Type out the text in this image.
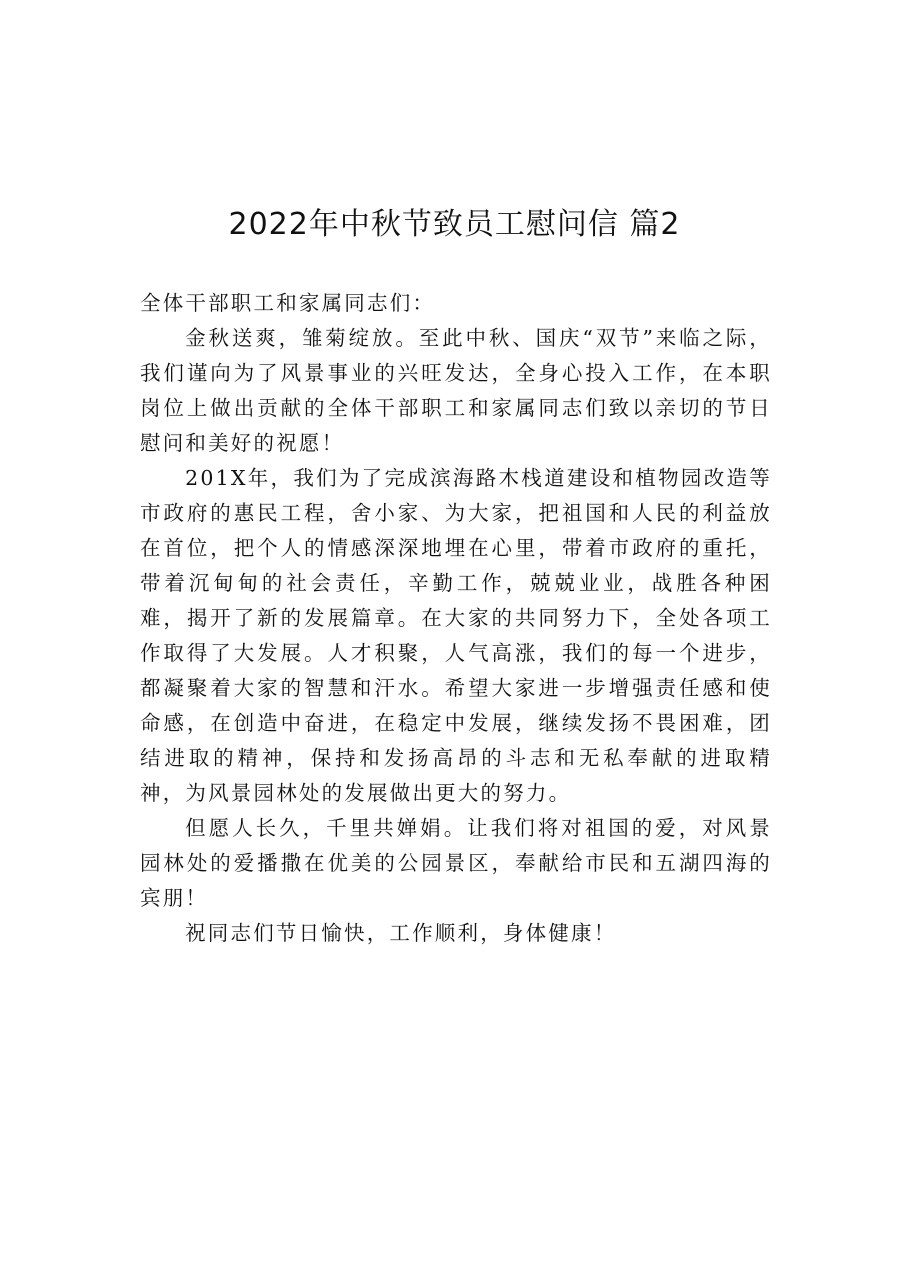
2022年中秋节致员工慰问信 篇2

全体干部职工和家属同志们：

金秋送爽，雏菊绽放。至此中秋、国庆“双节”来临之际，我们谨向为了风景事业的兴旺发达，全身心投入工作，在本职岗位上做出贡献的全体干部职工和家属同志们致以亲切的节日慰问和美好的祝愿！

201X年，我们为了完成滨海路木栈道建设和植物园改造等市政府的惠民工程，舍小家、为大家，把祖国和人民的利益放在首位，把个人的情感深深地埋在心里，带着市政府的重托，带着沉甸甸的社会责任，辛勤工作，兢兢业业，战胜各种困难，揭开了新的发展篇章。在大家的共同努力下，全处各项工作取得了大发展。人才积聚，人气高涨，我们的每一个进步，都凝聚着大家的智慧和汗水。希望大家进一步增强责任感和使命感，在创造中奋进，在稳定中发展，继续发扬不畏困难，团结进取的精神，保持和发扬高昂的斗志和无私奉献的进取精神，为风景园林处的发展做出更大的努力。

但愿人长久，千里共婵娟。让我们将对祖国的爱，对风景园林处的爱播撒在优美的公园景区，奉献给市民和五湖四海的宾朋！

祝同志们节日愉快，工作顺利，身体健康！
